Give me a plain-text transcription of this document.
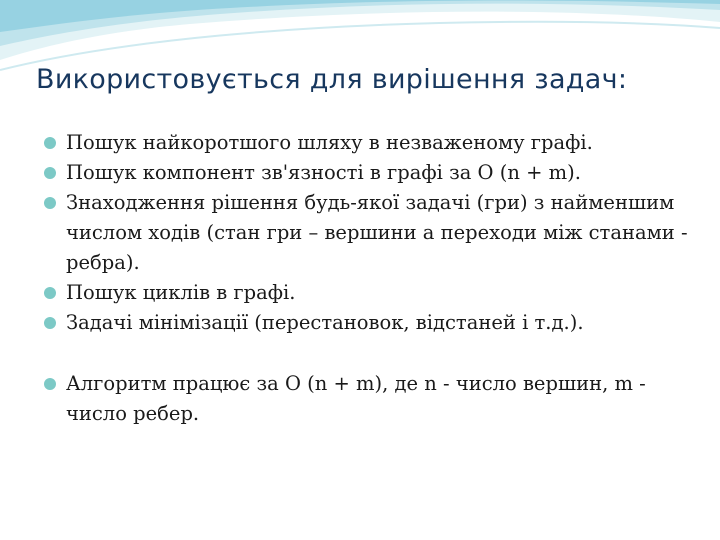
Використовується для вирішення задач:
Пошук найкоротшого шляху в незваженому графі.
Пошук компонент зв'язності в графі за O (n + m).
Знаходження рішення будь-якої задачі (гри) з найменшим числом ходів (стан гри – вершини а переходи між станами - ребра).
Пошук циклів в графі.
Задачі мінімізації (перестановок, відстаней і т.д.).
Алгоритм працює за O (n + m), де n - число вершин, m - число ребер.
